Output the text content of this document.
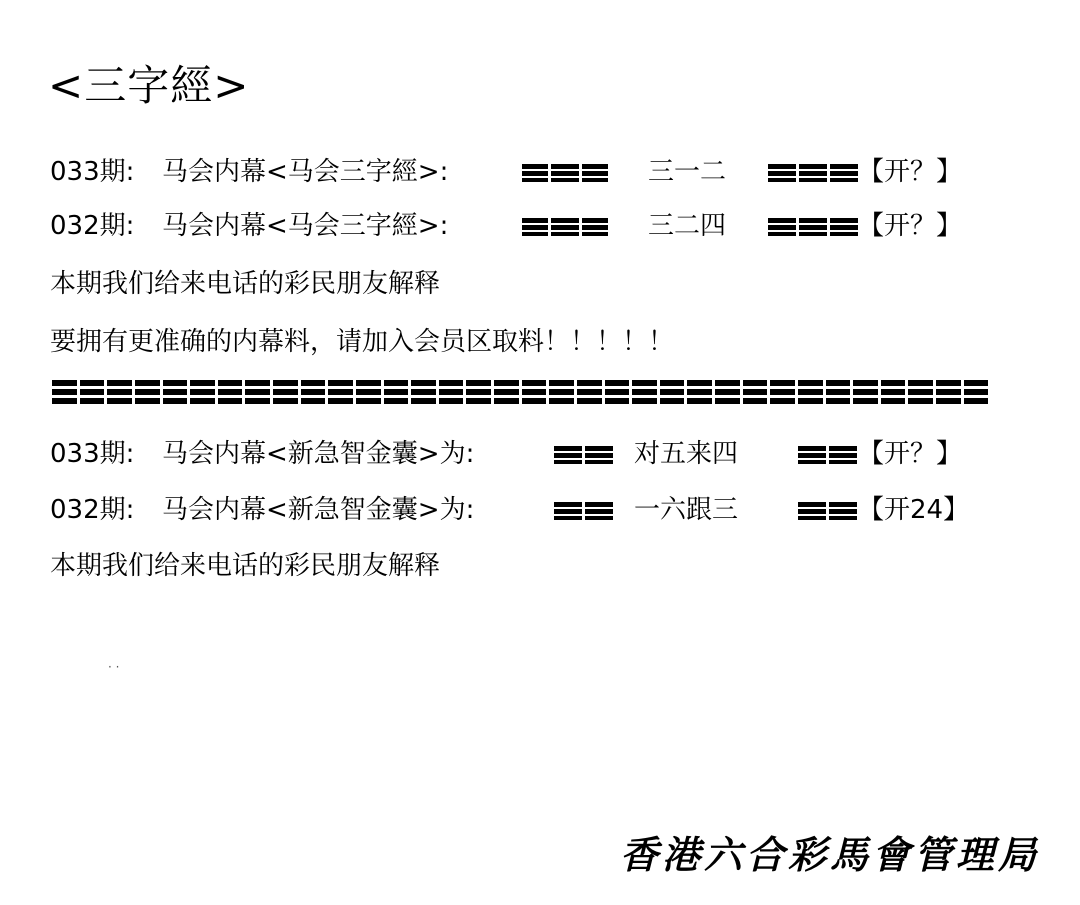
<三字經>
033期: 马会内幕<马会三字經>:	三一二	【开？】
032期: 马会内幕<马会三字經>:	三二四	【开？】
本期我们给来电话的彩民朋友解释
要拥有更准确的内幕料，请加入会员区取料！！！！！
033期: 马会内幕<新急智金囊>为:	对五来四	【开？】
032期: 马会内幕<新急智金囊>为:	一六跟三	【开24】
本期我们给来电话的彩民朋友解释
· ·
香港六合彩馬會管理局
